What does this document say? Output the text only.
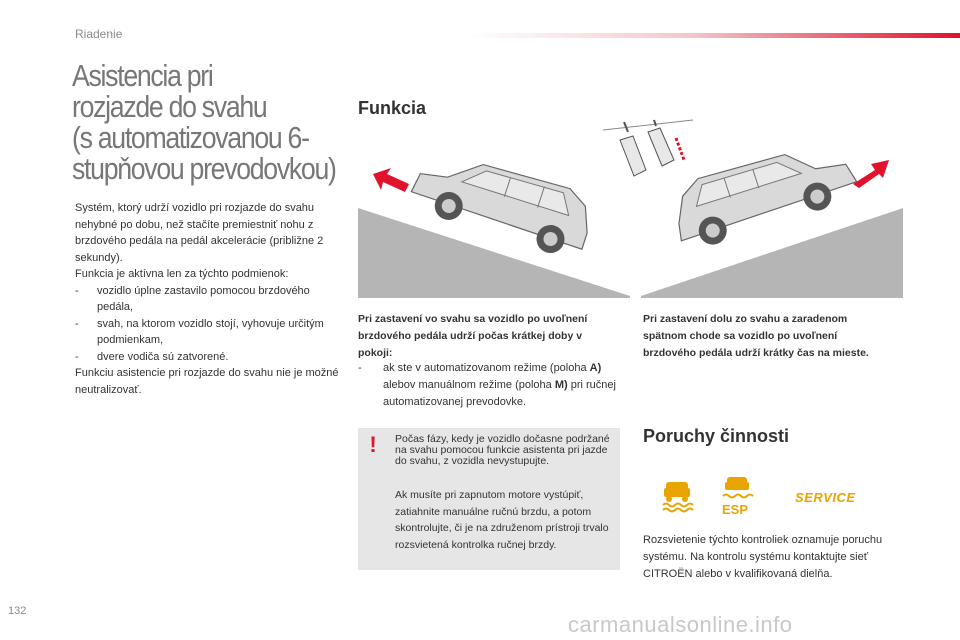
Riadenie
Asistencia pri
rozjazde do svahu
(s automatizovanou 6-
stupňovou prevodovkou)

Systém, ktorý udrží vozidlo pri rozjazde do svahu nehybné po dobu, než stačíte premiestniť nohu z brzdového pedála na pedál akcelerácie (približne 2 sekundy).

Funkcia je aktívna len za týchto podmienok:

- vozidlo úplne zastavilo pomocou brzdového pedála,
- svah, na ktorom vozidlo stojí, vyhovuje určitým podmienkam,
- dvere vodiča sú zatvorené.

Funkciu asistencie pri rozjazde do svahu nie je možné neutralizovať.

Funkcia
Pri zastavení vo svahu sa vozidlo po uvoľnení brzdového pedála udrží počas krátkej doby v pokoji:
Pri zastavení dolu zo svahu a zaradenom spätnom chode sa vozidlo po uvoľnení brzdového pedála udrží krátky čas na mieste.
- ak ste v automatizovanom režime (poloha A) alebov manuálnom režime (poloha M) pri ručnej automatizovanej prevodovke.
!	Počas fázy, kedy je vozidlo dočasne podržané na svahu pomocou funkcie asistenta pri jazde do svahu, z vozidla nevystupujte.
Ak musíte pri zapnutom motore vystúpiť, zatiahnite manuálne ručnú brzdu, a potom skontrolujte, či je na združenom prístroji trvalo rozsvietená kontrolka ručnej brzdy.
Poruchy činnosti
ESP
SERVICE
Rozsvietenie týchto kontroliek oznamuje poruchu systému. Na kontrolu systému kontaktujte sieť CITROËN alebo v kvalifikovaná dielňa.
132
carmanualsonline.info
